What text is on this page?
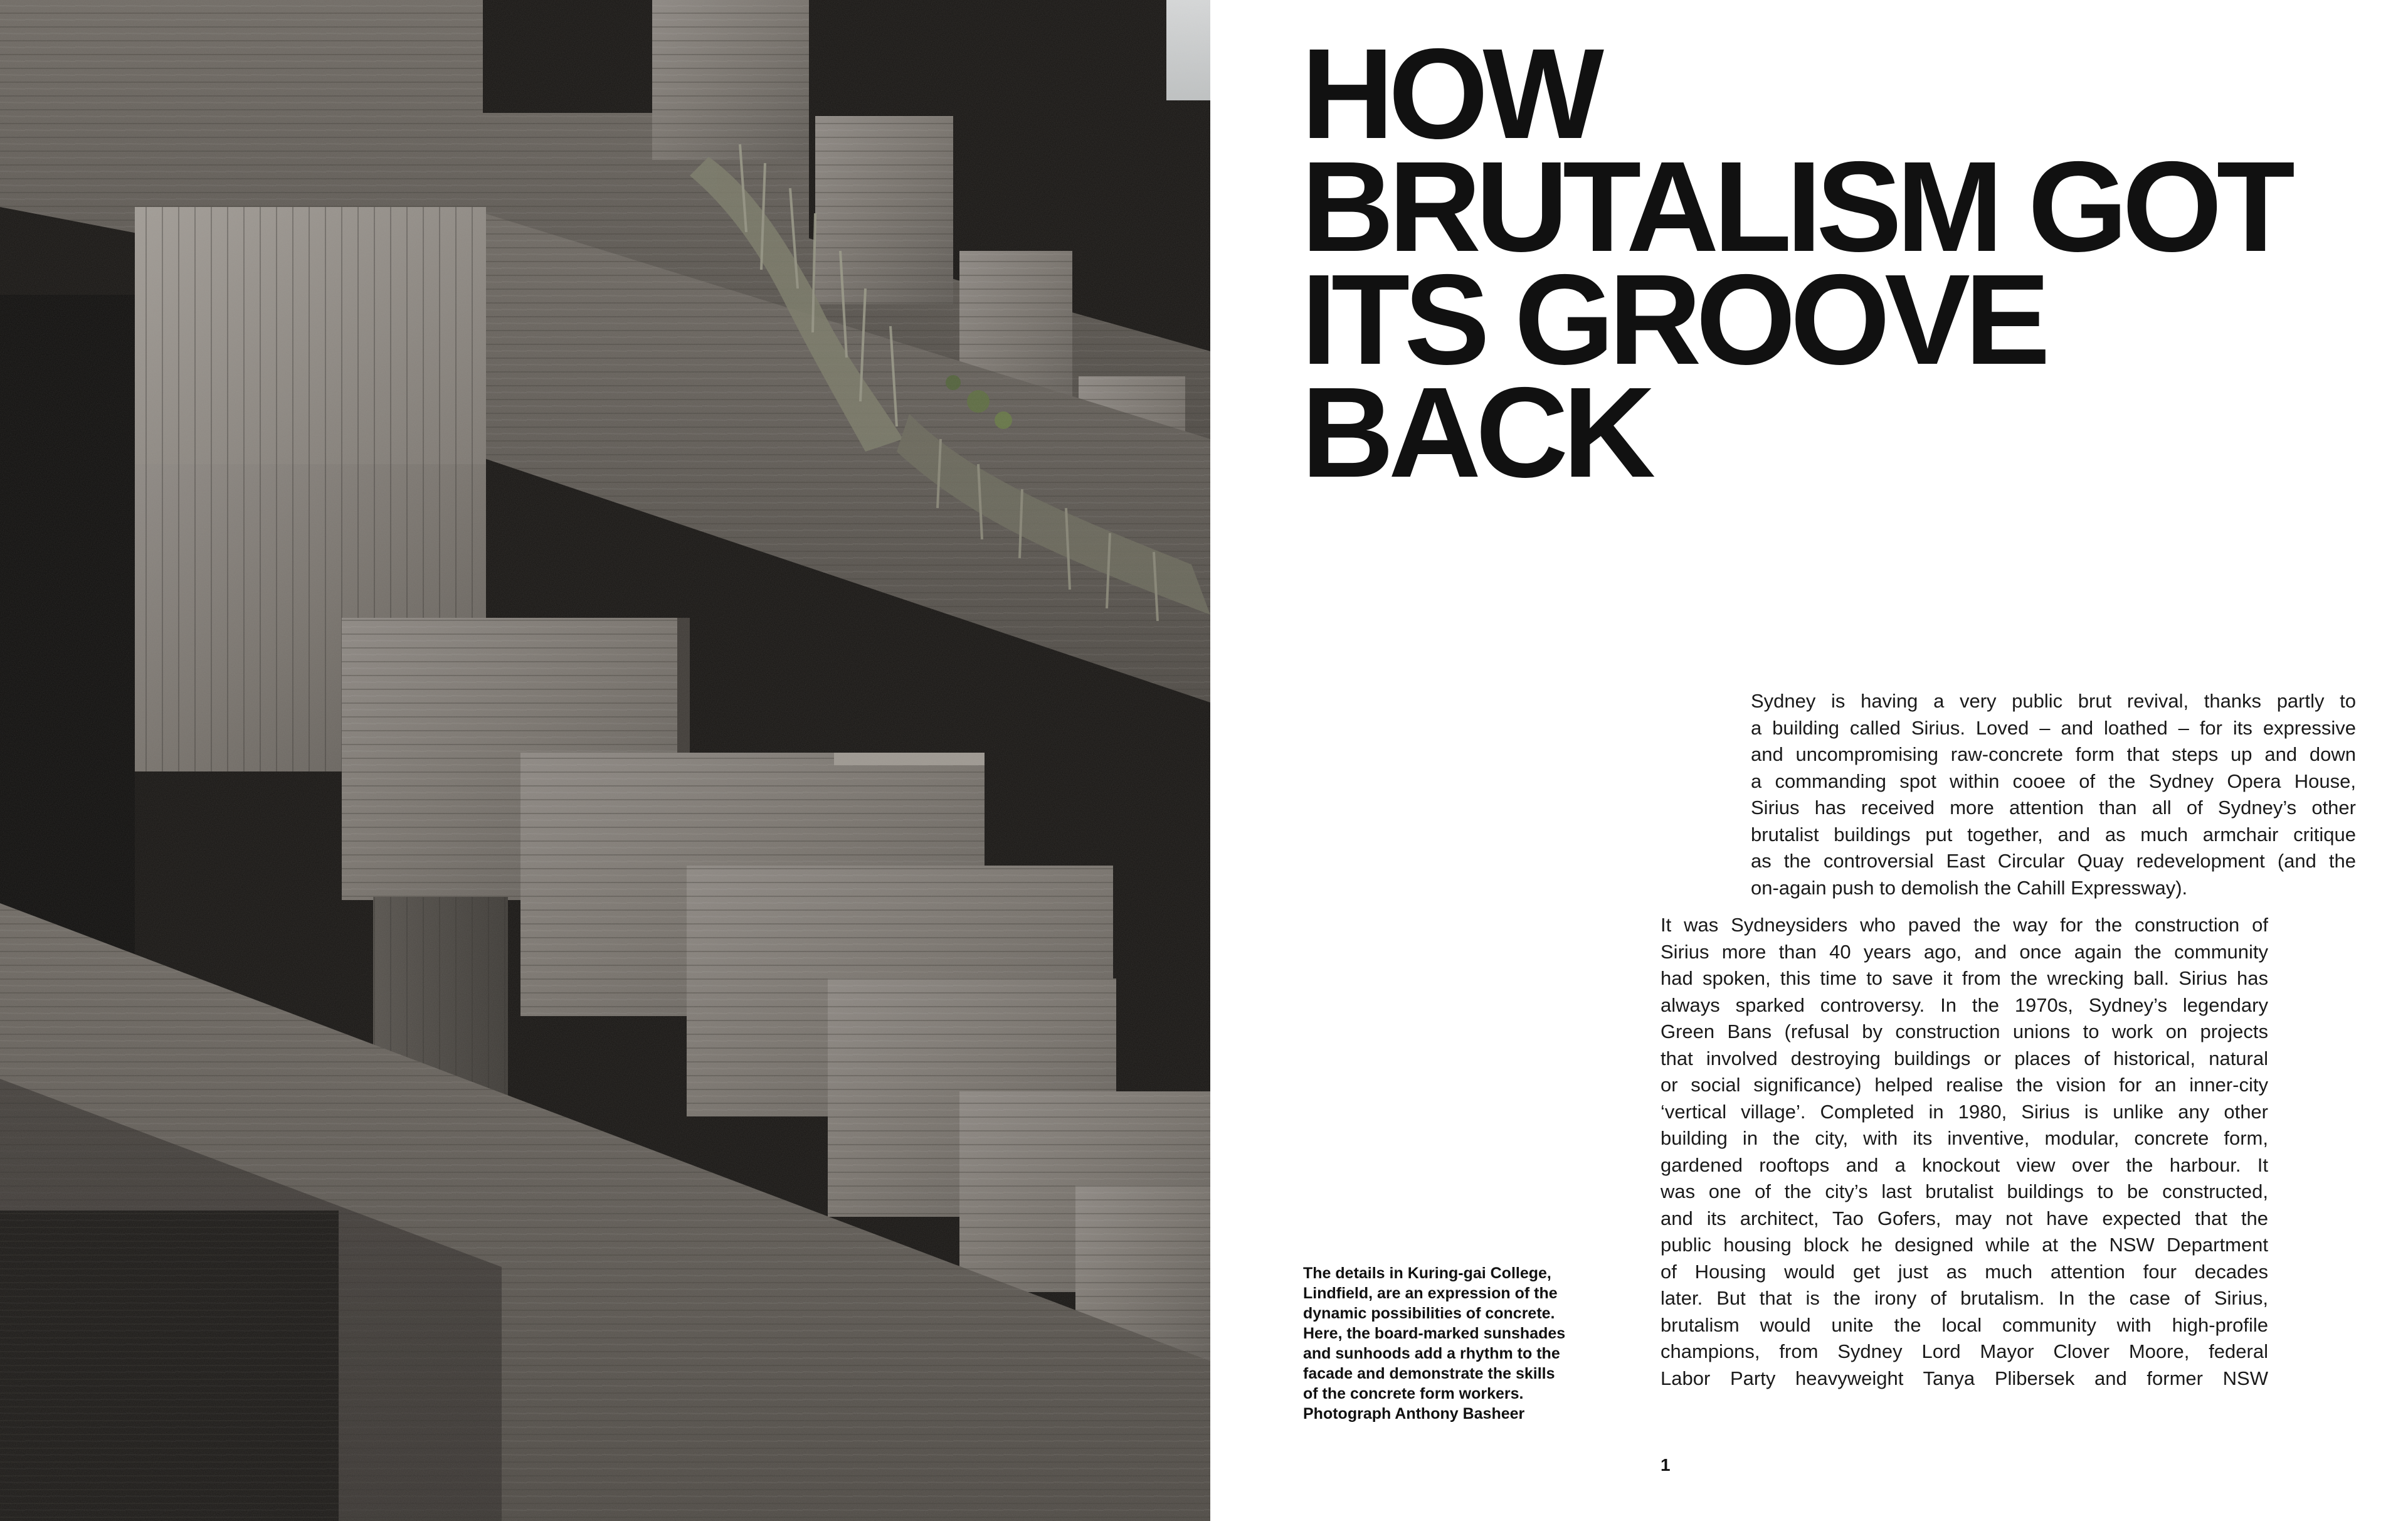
The details in Kuring-gai College,
Lindfield, are an expression of the
dynamic possibilities of concrete.
Here, the board-marked sunshades
and sunhoods add a rhythm to the
facade and demonstrate the skills
of the concrete form workers.
Photograph Anthony Basheer
HOW
BRUTALISM GOT
ITS GROOVE
BACK
Sydney is having a very public brut revival, thanks partly to
a building called Sirius. Loved – and loathed – for its expressive
and uncompromising raw-concrete form that steps up and down
a commanding spot within cooee of the Sydney Opera House,
Sirius has received more attention than all of Sydney’s other
brutalist buildings put together, and as much armchair critique
as the controversial East Circular Quay redevelopment (and the
on-again push to demolish the Cahill Expressway).
It was Sydneysiders who paved the way for the construction of
Sirius more than 40 years ago, and once again the community
had spoken, this time to save it from the wrecking ball. Sirius has
always sparked controversy. In the 1970s, Sydney’s legendary
Green Bans (refusal by construction unions to work on projects
that involved destroying buildings or places of historical, natural
or social significance) helped realise the vision for an inner-city
‘vertical village’. Completed in 1980, Sirius is unlike any other
building in the city, with its inventive, modular, concrete form,
gardened rooftops and a knockout view over the harbour. It
was one of the city’s last brutalist buildings to be constructed,
and its architect, Tao Gofers, may not have expected that the
public housing block he designed while at the NSW Department
of Housing would get just as much attention four decades
later. But that is the irony of brutalism. In the case of Sirius,
brutalism would unite the local community with high-profile
champions, from Sydney Lord Mayor Clover Moore, federal
Labor Party heavyweight Tanya Plibersek and former NSW
1
